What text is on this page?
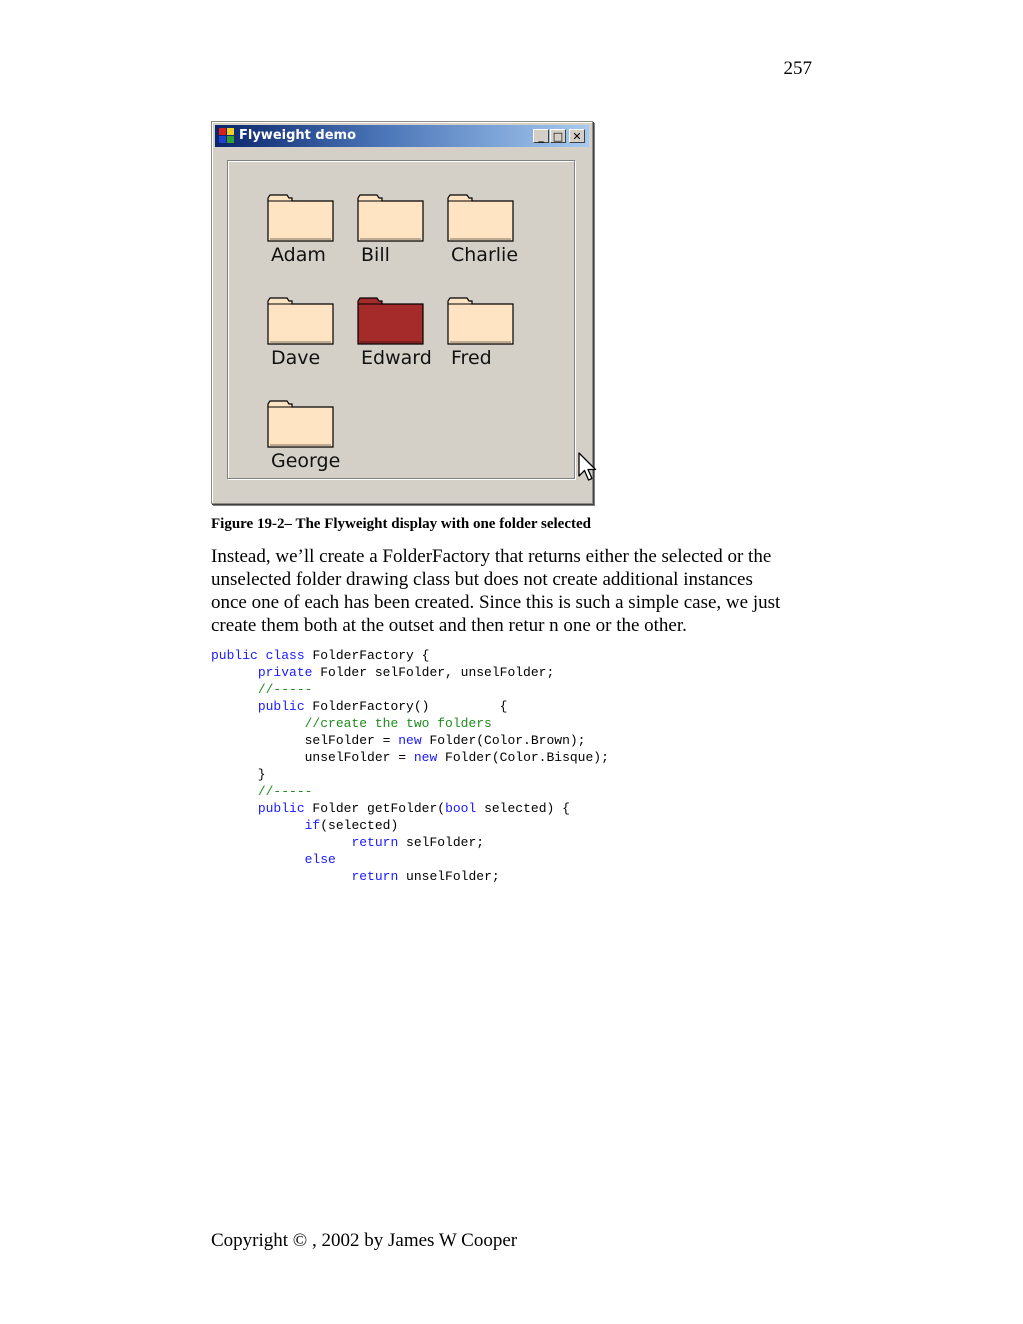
257
Flyweight demo	_ □ ✕
Adam Bill	Charlie
Dave Edward Fred
George
Figure 19-2– The Flyweight display with one folder selected
Instead, we’ll create a FolderFactory that returns either the selected or the
unselected folder drawing class but does not create additional instances
once one of each has been created. Since this is such a simple case, we just
create them both at the outset and then retur n one or the other.
public class FolderFactory {
private Folder selFolder, unselFolder;
//-----
public FolderFactory()         {
//create the two folders
selFolder = new Folder(Color.Brown);
unselFolder = new Folder(Color.Bisque);
}
//-----
public Folder getFolder(bool selected) {
if(selected)
return selFolder;
else
return unselFolder;
Copyright © , 2002 by James W Cooper
